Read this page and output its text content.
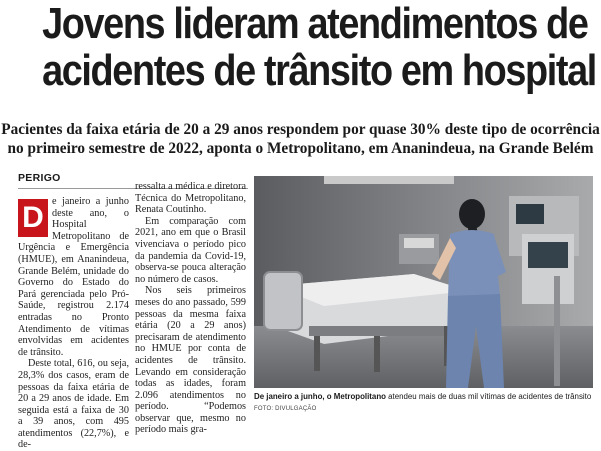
Jovens lideram atendimentos de
acidentes de trânsito em hospital
Pacientes da faixa etária de 20 a 29 anos respondem por quase 30% deste tipo de ocorrência
no primeiro semestre de 2022, aponta o Metropolitano, em Ananindeua, na Grande Belém
PERIGO

D e janeiro a junho deste ano, o Hospital Metropolitano de Urgência e Emergência (HMUE), em Ananindeua, Grande Belém, unidade do Governo do Estado do Pará gerenciada pelo Pró-Saúde, registrou 2.174 entradas no Pronto Atendimento de vítimas envolvidas em acidentes de trânsito.

Deste total, 616, ou seja, 28,3% dos casos, eram de pessoas da faixa etária de 20 a 29 anos de idade. Em seguida está a faixa de 30 a 39 anos, com 495 atendimentos (22,7%), e de-

ressalta a médica e diretora Técnica do Metropolitano, Renata Coutinho.

Em comparação com 2021, ano em que o Brasil vivenciava o período pico da pandemia da Covid-19, observa-se pouca alteração no número de casos.

Nos seis primeiros meses do ano passado, 599 pessoas da mesma faixa etária (20 a 29 anos) precisaram de atendimento no HMUE por conta de acidentes de trânsito. Levando em consideração todas as idades, foram 2.096 atendimentos no período. “Podemos observar que, mesmo no período mais gra-

De janeiro a junho, o Metropolitano atendeu mais de duas mil vítimas de acidentes de trânsito
FOTO: DIVULGAÇÃO
